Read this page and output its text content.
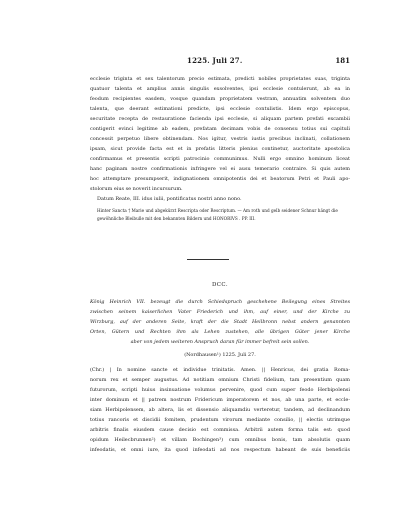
1225. Juli 27.	181
ecclesie triginta et sex talentorum precio estimata, predicti nobiles proprietates suas, triginta
quatuor talenta et amplius annis singulis exsolventes, ipsi ecclesie contulerunt, ab ea in
feodum recipientes easdem, vosque quandam proprietatem vestram, annuatim solventem duo
talenta, que deerant estimationi predicte, ipsi ecclesie contulistis. Idem ergo episcopus,
securitate recepta de restauratione facienda ipsi ecclesie, si aliquam partem prefati excambii
contigerit evinci legitime ab eadem, prefatam decimam vobis de consensu totius sui capituli
concessit perpetuo libere obtinendam. Nos igitur, vestris iustis precibus inclinati, collationem
ipsam, sicut provide facta est et in prefatis litteris plenius continetur, auctoritate apostolica
confirmamus et presentis scripti patrocinio communimus. Nulli ergo omnino hominum liceat
hanc paginam nostre confirmationis infringere vel ei ausu temerario contraire. Si quis autem
hoc attemptare presumpserit, indignationem omnipotentis dei et beatorum Petri et Pauli apo-
stolorum eius se noverit incursurum.
Datum Reate, III. idus iulii, pontificatus nostri anno nono.
Hinter Sancta † Marie und abgekürzt Rescripta oder Rescriptum. — Am roth und gelb seidener Schnur hängt die gewöhnliche Bleibulle mit den bekannten Bildern und HONORIVS . PP. III.
DCC.
König Heinrich VII. bezeugt die durch Schiedspruch geschehene Beilegung eines Streites
zwischen seinem kaiserlichen Vater Friederich und ihm, auf einer, und der Kirche zu
Wirzburg, auf der anderen Seite, kraft der die Stadt Heilbronn nebst andern genannten
Orten, Gütern und Rechten ihm als Lehen zustehen, alle übrigen Güter jener Kirche
aber von jedem weiteren Anspruch daran für immer befreit sein sollen.
(Nordhausen¹) 1225. Juli 27.
(Chr.) | In nomine sancte et individue trinitatis. Amen. || Henricus, dei gratia Roma-
norum rex et semper augustus. Ad notitiam omnium Christi fidelium, tam presentium quam
futurorum, scripti huius insinuatione volumus pervenire, quod cum super feodo Herbipolensi
inter dominum et || patrem nostrum Fridericum imperatorem et nos, ab una parte, et eccle-
siam Herbipolensem, ab altera, lis et dissensio aliquamdiu verteretur, tandem, ad declinandum
totius rancoris et discidii fomitem, prudentum virorum mediante consilio, || electis utrimque
arbitris finalis eiusdem cause decisio est commissa. Arbitrii autem forma talis est: quod
opidum Heilecbrunnen²) et villam Bochingen³) cum omnibus bonis, tam absolutis quam
infeodatis, et omni iure, ita quod infeodati ad nos respectum habeant de suis beneficiis
